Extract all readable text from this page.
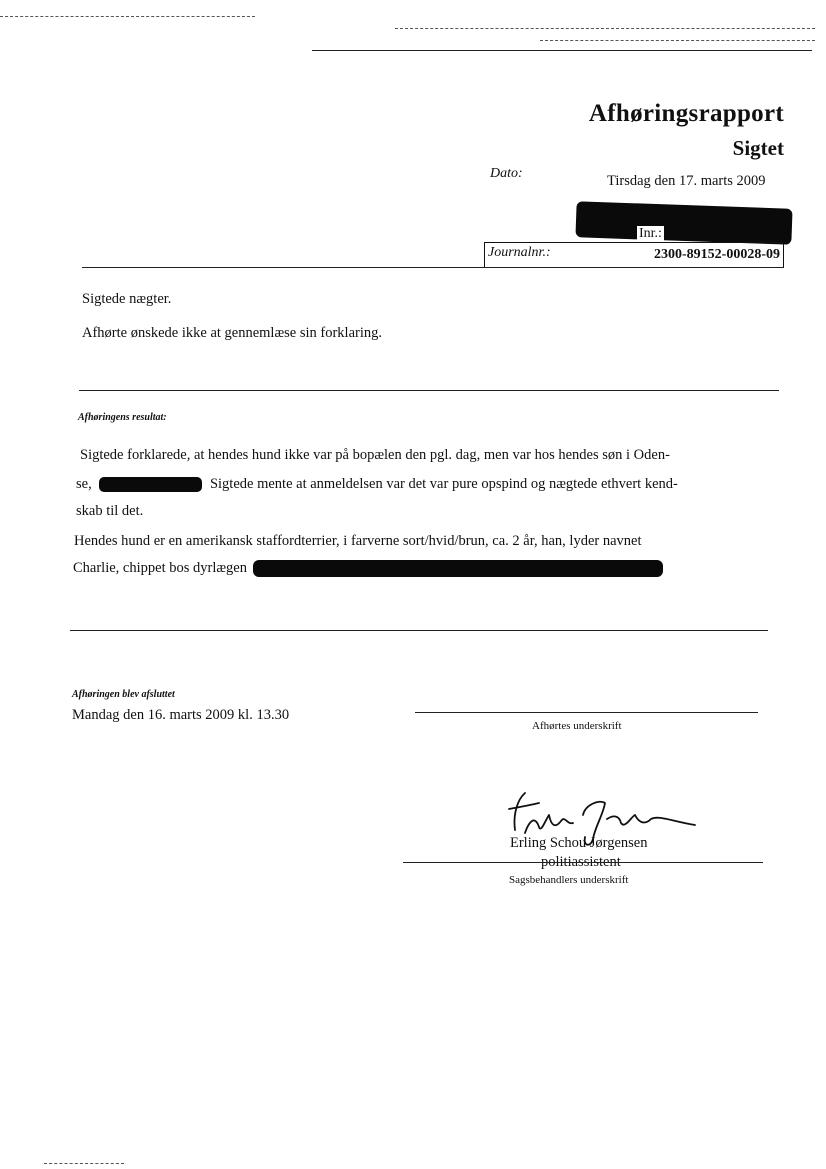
Afhøringsrapport
Sigtet
Dato:	Tirsdag den 17. marts 2009
Inr.:
Journalnr.:	2300-89152-00028-09
Sigtede nægter.
Afhørte ønskede ikke at gennemlæse sin forklaring.
Afhøringens resultat:
Sigtede forklarede, at hendes hund ikke var på bopælen den pgl. dag, men var hos hendes søn i Oden-
se,	Sigtede mente at anmeldelsen var det var pure opspind og nægtede ethvert kend-
skab til det.
Hendes hund er en amerikansk staffordterrier, i farverne sort/hvid/brun, ca. 2 år, han, lyder navnet
Charlie, chippet bos dyrlægen
Afhøringen blev afsluttet
Mandag den 16. marts 2009 kl. 13.30
Afhørtes underskrift
Erling Schou Jørgensen
politiassistent
Sagsbehandlers underskrift
